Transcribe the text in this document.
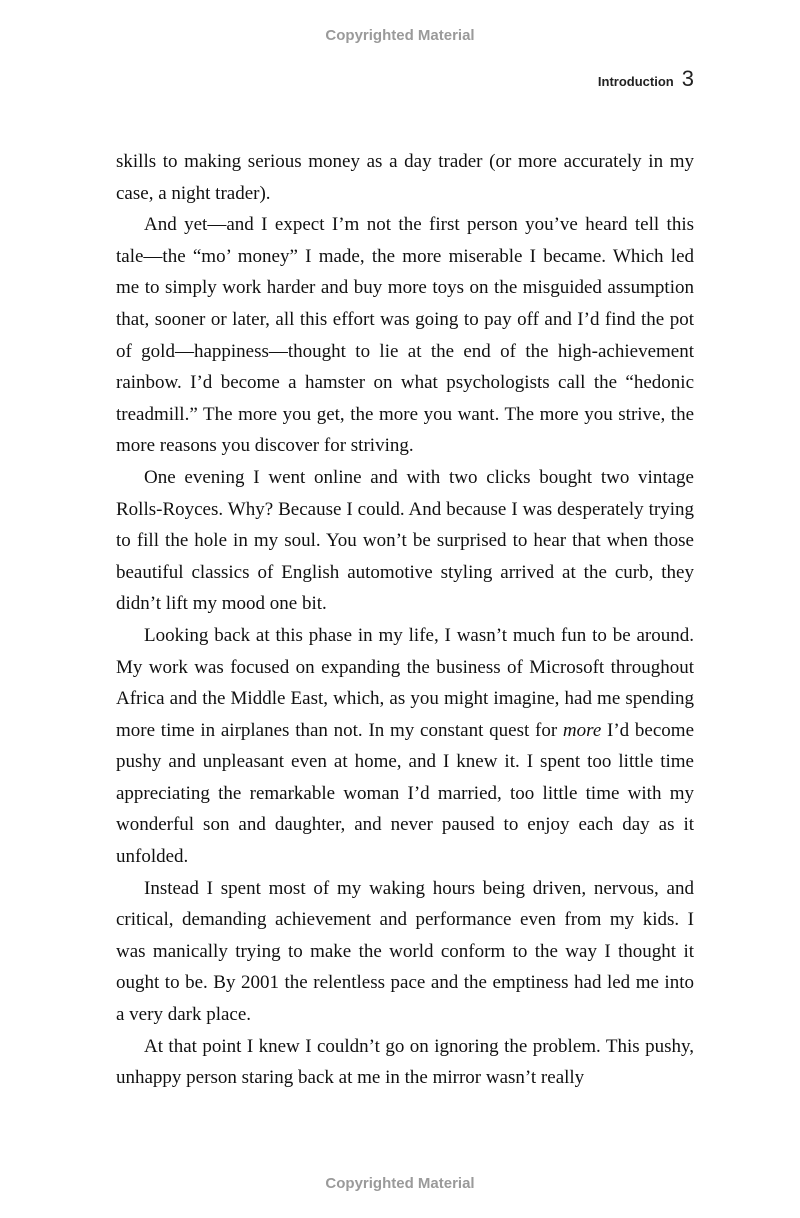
Copyrighted Material
Introduction 3

skills to making serious money as a day trader (or more accurately in my case, a night trader).

And yet—and I expect I’m not the first person you’ve heard tell this tale—the “mo’ money” I made, the more miserable I became. Which led me to simply work harder and buy more toys on the misguided assumption that, sooner or later, all this effort was going to pay off and I’d find the pot of gold—happiness—thought to lie at the end of the high-achievement rainbow. I’d become a hamster on what psychologists call the “hedonic treadmill.” The more you get, the more you want. The more you strive, the more reasons you discover for striving.

One evening I went online and with two clicks bought two vintage Rolls-Royces. Why? Because I could. And because I was desperately trying to fill the hole in my soul. You won’t be surprised to hear that when those beautiful classics of English automotive styling arrived at the curb, they didn’t lift my mood one bit.

Looking back at this phase in my life, I wasn’t much fun to be around. My work was focused on expanding the business of Microsoft throughout Africa and the Middle East, which, as you might imagine, had me spending more time in airplanes than not. In my constant quest for more I’d become pushy and unpleasant even at home, and I knew it. I spent too little time appreciating the remarkable woman I’d married, too little time with my wonderful son and daughter, and never paused to enjoy each day as it unfolded.

Instead I spent most of my waking hours being driven, nervous, and critical, demanding achievement and performance even from my kids. I was manically trying to make the world conform to the way I thought it ought to be. By 2001 the relentless pace and the emptiness had led me into a very dark place.

At that point I knew I couldn’t go on ignoring the problem. This pushy, unhappy person staring back at me in the mirror wasn’t really

Copyrighted Material
